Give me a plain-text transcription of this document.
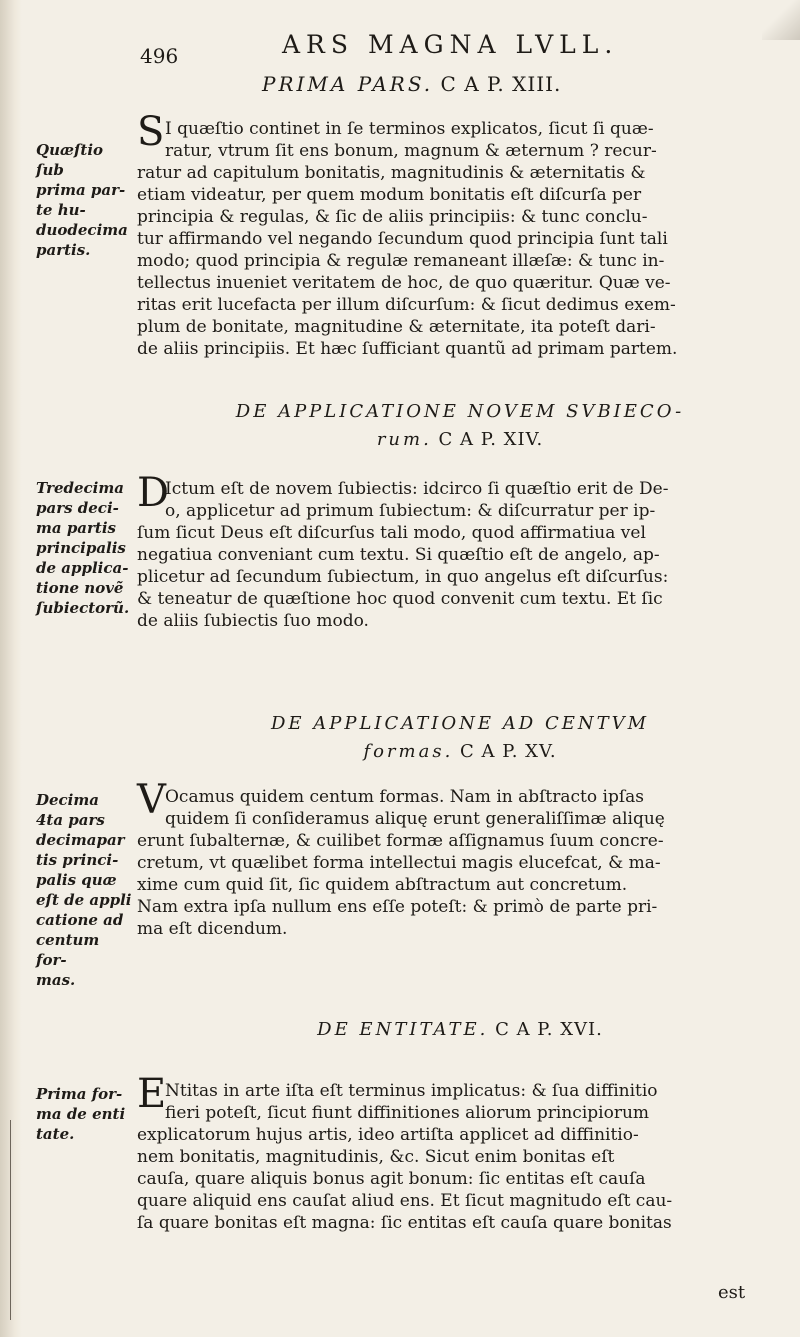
496	ARS MAGNA LVLL.
PRIMA PARS. C A P. XIII.
Quæſtio ſub
prima par-
te hu-
duodecima
partis.
S I quæſtio continet in ſe terminos explicatos, ſicut ſi quæ-
ratur, vtrum ſit ens bonum, magnum & æternum ? recur-
ratur ad capitulum bonitatis, magnitudinis & æternitatis &
etiam videatur, per quem modum bonitatis eſt diſcurſa per
principia & regulas, & ſic de aliis principiis: & tunc conclu-
tur affirmando vel negando ſecundum quod principia ſunt tali
modo; quod principia & regulæ remaneant illæſæ: & tunc in-
tellectus inueniet veritatem de hoc, de quo quæritur. Quæ ve-
ritas erit lucefacta per illum diſcurſum: & ſicut dedimus exem-
plum de bonitate, magnitudine & æternitate, ita poteſt dari-
de aliis principiis. Et hæc ſufficiant quantũ ad primam partem.
DE APPLICATIONE NOVEM SVBIECO-
rum. C A P. XIV.
Tredecima
pars deci-
ma partis
principalis
de applica-
tione novẽ
ſubiectorũ.
D
Ictum eſt de novem ſubiectis: idcirco ſi quæſtio erit de De-
o, applicetur ad primum ſubiectum: & diſcurratur per ip-
ſum ſicut Deus eſt diſcurſus tali modo, quod affirmatiua vel
negatiua conveniant cum textu. Si quæſtio eſt de angelo, ap-
plicetur ad ſecundum ſubiectum, in quo angelus eſt diſcurſus:
& teneatur de quæſtione hoc quod convenit cum textu. Et ſic
de aliis ſubiectis ſuo modo.
DE APPLICATIONE AD CENTVM
formas. C A P. XV.
Decima
4ta pars
decimapar
tis princi-
palis quæ
eſt de appli
catione ad
centum for-
mas.
V Ocamus quidem centum formas. Nam in abſtracto ipſas
quidem ſi conſideramus aliquę erunt generaliſſimæ aliquę
erunt ſubalternæ, & cuilibet formæ aſſignamus ſuum concre-
cretum, vt quælibet forma intellectui magis elucefcat, & ma-
xime cum quid ſit, ſic quidem abſtractum aut concretum.
Nam extra ipſa nullum ens eſſe poteſt: & primò de parte pri-
ma eſt dicendum.
DE ENTITATE. C A P. XVI.
Prima for-
ma de enti
tate.
E
Ntitas in arte iſta eſt terminus implicatus: & ſua diffinitio
fieri poteſt, ſicut fiunt diffinitiones aliorum principiorum
explicatorum hujus artis, ideo artiſta applicet ad diffinitio-
nem bonitatis, magnitudinis, &c. Sicut enim bonitas eſt
cauſa, quare aliquis bonus agit bonum: ſic entitas eſt cauſa
quare aliquid ens cauſat aliud ens. Et ſicut magnitudo eſt cau-
ſa quare bonitas eſt magna: ſic entitas eſt cauſa quare bonitas
est
